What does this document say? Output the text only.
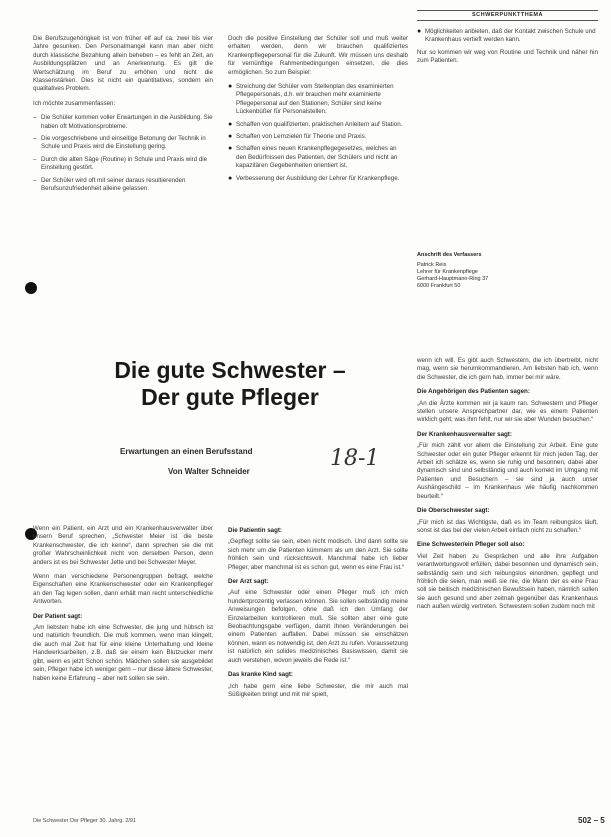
SCHWERPUNKTTHEMA

Die Berufszugehörigkeit ist von früher elf auf ca. zwei bis vier Jahre gesunken. Den Personalmangel kann man aber nicht durch klassische Bezahlung allein beheben – es fehlt an Zeit, an Ausbildungsplätzen und an Anerkennung. Es gilt die Wertschätzung im Beruf zu erhöhen und nicht die Klassenstärken. Dies ist nicht ein quantitatives, sondern ein qualitatives Problem.

Ich möchte zusammenfassen:

– Die Schüler kommen voller Erwartungen in die Ausbildung. Sie haben oft Motivationsprobleme.
– Die vorgeschriebene und einseitige Betonung der Technik in Schule und Praxis wird die Einstellung gering.
– Durch die alten Säge (Routine) in Schule und Praxis wird die Einstellung gestört.
– Der Schüler wird oft mit seiner daraus resultierenden Berufsunzufriedenheit alleine gelassen.

Doch die positive Einstellung der Schüler soll und muß weiter erhalten werden, denn wir brauchen qualifiziertes Krankenpflegepersonal für die Zukunft. Wir müssen uns deshalb für vernünftige Rahmenbedingungen einsetzen, die dies ermöglichen. So zum Beispiel:

● Streichung der Schüler vom Stellenplan des examinierten Pflegepersonals, d.h. wir brauchen mehr examinierte Pflegepersonal auf den Stationen, Schüler sind keine Lückenbüßer für Personalstellen.
● Schaffen von qualifizierten, praktischen Anleitern auf Station.
● Schaffen von Lernzielen für Theorie und Praxis.
● Schaffen eines neuen Krankenpflegegesetzes, welches an den Bedürfnissen des Patienten, der Schülers und nicht an kapazitären Gegebenheiten orientiert ist.
● Verbesserung der Ausbildung der Lehrer für Krankenpflege.
● Möglichkeiten anbieten, daß der Kontakt zwischen Schule und Krankenhaus vertieft werden kann.

Nur so kommen wir weg von Routine und Technik und näher hin zum Patienten.

Anschrift des Verfassers
Patrick Reis
Lehrer für Krankenpflege
Gerhard-Hauptmann-Ring 37
6000 Frankfurt 50
Die gute Schwester –
Der gute Pfleger
Erwartungen an einen Berufsstand
Von Walter Schneider
18-1

wenn ich will. Es gibt auch Schwestern, die ich übertreibt, nicht mag, wenn sie herumkommandieren. Am liebsten hab ich, wenn die Schwester, die ich gern hab, immer bei mir wäre.

Die Angehörigen des Patienten sagen:

„An die Ärzte kommen wir ja kaum ran. Schwestern und Pfleger stellen unsere Ansprechpartner dar, wie es einem Patienten wirklich geht, was ihm fehlt, nur wir sie aber Wunden besuchen.“

Der Krankenhausverwalter sagt:

„Für mich zählt vor allem die Einstellung zur Arbeit. Eine gute Schwester oder ein guter Pfleger erkennt für mich jeden Tag, der Arbeit ich schätze es, wenn sie ruhig und besonnen, dabei aber dynamisch sind und selbständig und auch korrekt im Umgang mit Patienten und Besuchern – sie sind ja auch unser Aushängeschild – im Krankenhaus wie häufig nachkommen beurteilt.“

Die Oberschwester sagt:

„Für mich ist das Wichtigste, daß es im Team reibungslos läuft, sonst ist das bei der vielen Arbeit einfach nicht zu schaffen.“

Eine Schwester/ein Pfleger soll also:

Viel Zeit haben zu Gesprächen und alle ihre Aufgaben verantwortungsvoll erfüllen, dabei besonnen und dynamisch sein, selbständig sein und sich reibungslos einordnen, gepflegt und fröhlich die seien, man weiß sie nie, die Mann der es eine Frau soll sie beitisch medizinischen Bewußtsein haben, nämlich sollen sie auch gesund und aber zeitnah gegenüber das Krankenhaus nach außen würdig vertreten. Schwestern sollen zudem noch mit

Wenn ein Patient, ein Arzt und ein Krankenhausverwalter über unsern Beruf sprechen, „Schwester Meier ist die beste Krankenschwester, die ich kenne“, dann sprechen sie die mit großer Wahrscheinlichkeit nicht von derselben Person, denn anders ist es bei Schwester Jette und bei Schwester Meyer.

Wenn man verschiedene Personengruppen befragt, welche Eigenschaften eine Krankenschwester oder ein Krankenpfleger an den Tag legen sollen, dann erhält man recht unterschiedliche Antworten.

Der Patient sagt:

„Am liebsten habe ich eine Schwester, die jung und hübsch ist und natürlich freundlich. Die muß kommen, wenn man klingelt, die auch mal Zeit hat für eine kleine Unterhaltung und kleine Handwerksarbeiten, z.B. daß sie einem kein Blutzucker mehr gibt, wenn es jetzt Schon schön. Mädchen sollen sie ausgebildet sein, Pfleger habe ich weniger gern – nur diese ältere Schwester, haben keine Erfahrung – aber nett sollen sie sein.

Die Patientin sagt:

„Gepflegt sollte sie sein, eben nicht modisch. Und dann sollte sie sich mehr um die Patienten kümmern als um den Arzt. Sie sollte fröhlich sein und rücksichtsvoll. Manchmal habe ich lieber Pfleger, aber manchmal ist es schon gut, wenn es eine Frau ist.“

Der Arzt sagt:

„Auf eine Schwester oder einen Pfleger muß ich mich hundertprozentig verlassen können. Sie sollen selbständig meine Anweisungen befolgen, ohne daß ich den Umfang der Einzelarbeiten kontrollieren muß. Sie sollten aber eine gute Beobachtungsgabe verfügen, damit Ihnen Veränderungen bei einem Patienten auffallen. Dabei müssen sie einschätzen können, wann es notwendig ist, den Arzt zu rufen. Voraussetzung ist natürlich ein solides medizinisches Basiswissen, damit sie auch verstehen, wovon jeweils die Rede ist.“

Das kranke Kind sagt:

„Ich habe gern eine liebe Schwester, die mir auch mal Süßigkeiten bringt und mit mir spielt,

Die Schwester Der Pfleger 30. Jahrg. 2/91	502 – 5
